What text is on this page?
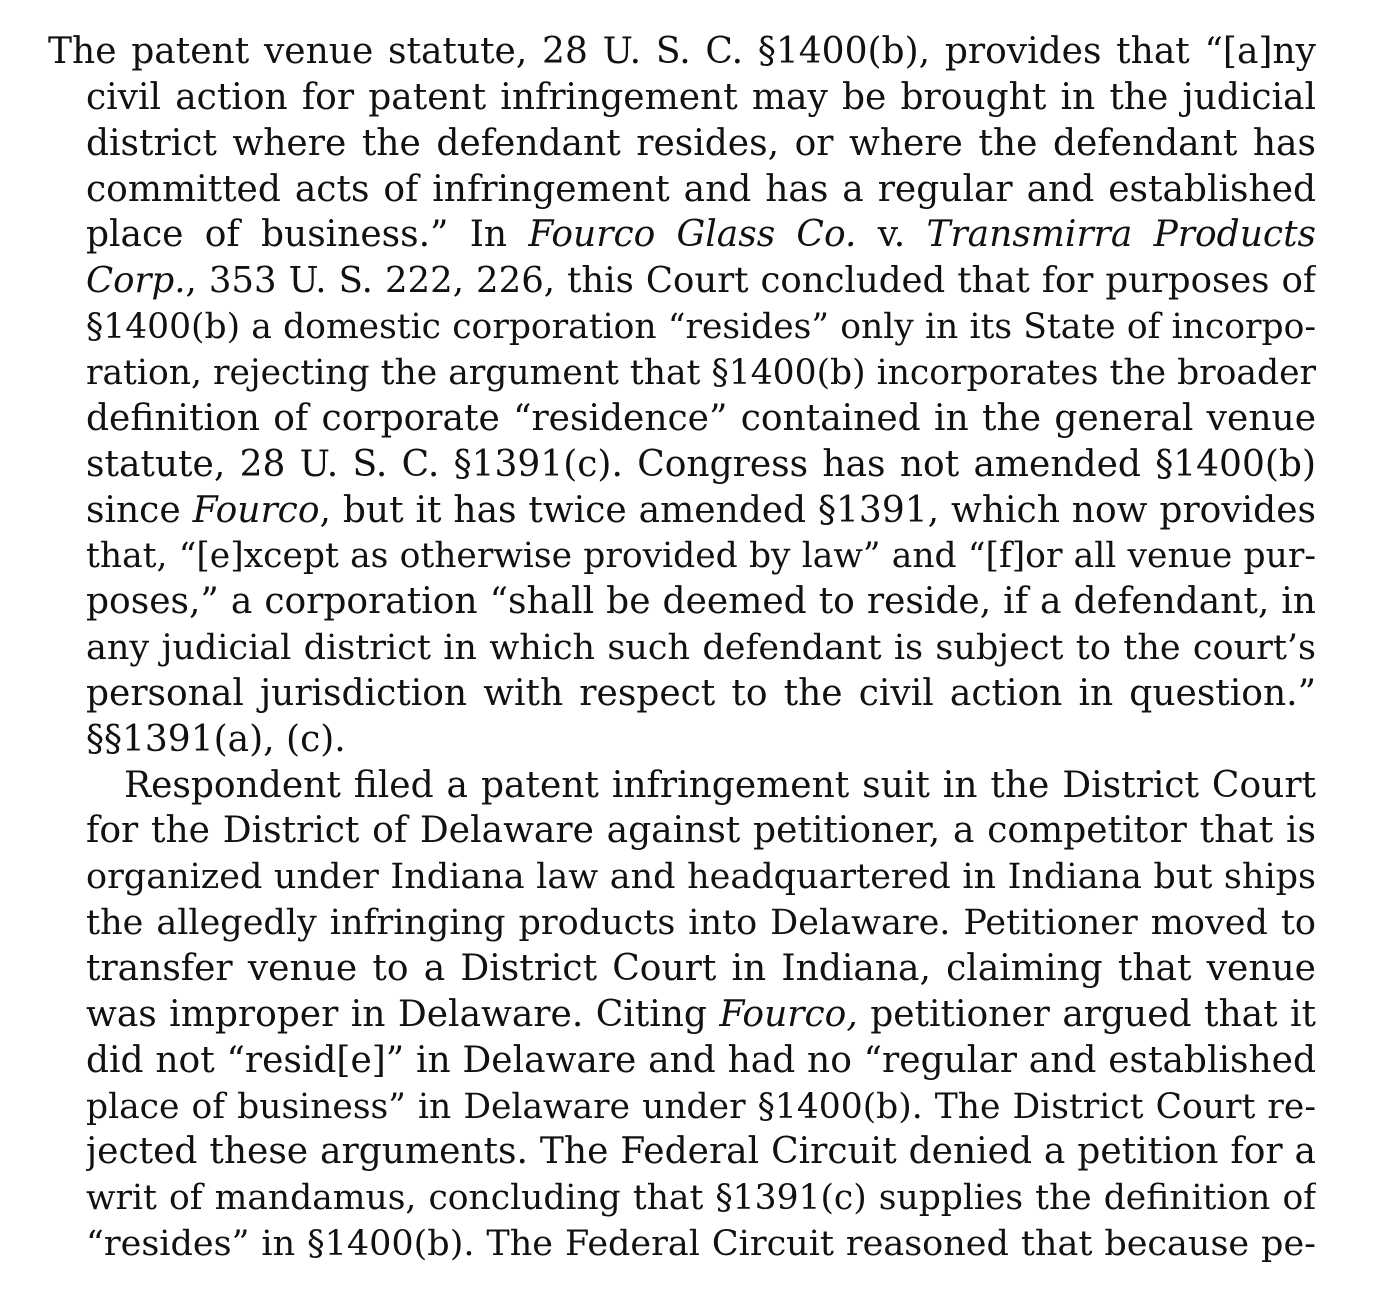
The patent venue statute, 28 U. S. C. §1400(b), provides that “[a]ny
civil action for patent infringement may be brought in the judicial
district where the defendant resides, or where the defendant has
committed acts of infringement and has a regular and established
place of business.” In Fourco Glass Co. v. Transmirra Products
Corp., 353 U. S. 222, 226, this Court concluded that for purposes of
§1400(b) a domestic corporation “resides” only in its State of incorpo-
ration, rejecting the argument that §1400(b) incorporates the broader
definition of corporate “residence” contained in the general venue
statute, 28 U. S. C. §1391(c). Congress has not amended §1400(b)
since Fourco, but it has twice amended §1391, which now provides
that, “[e]xcept as otherwise provided by law” and “[f]or all venue pur-
poses,” a corporation “shall be deemed to reside, if a defendant, in
any judicial district in which such defendant is subject to the court’s
personal jurisdiction with respect to the civil action in question.”
§§1391(a), (c).
Respondent filed a patent infringement suit in the District Court
for the District of Delaware against petitioner, a competitor that is
organized under Indiana law and headquartered in Indiana but ships
the allegedly infringing products into Delaware. Petitioner moved to
transfer venue to a District Court in Indiana, claiming that venue
was improper in Delaware. Citing Fourco, petitioner argued that it
did not “resid[e]” in Delaware and had no “regular and established
place of business” in Delaware under §1400(b). The District Court re-
jected these arguments. The Federal Circuit denied a petition for a
writ of mandamus, concluding that §1391(c) supplies the definition of
“resides” in §1400(b). The Federal Circuit reasoned that because pe-
